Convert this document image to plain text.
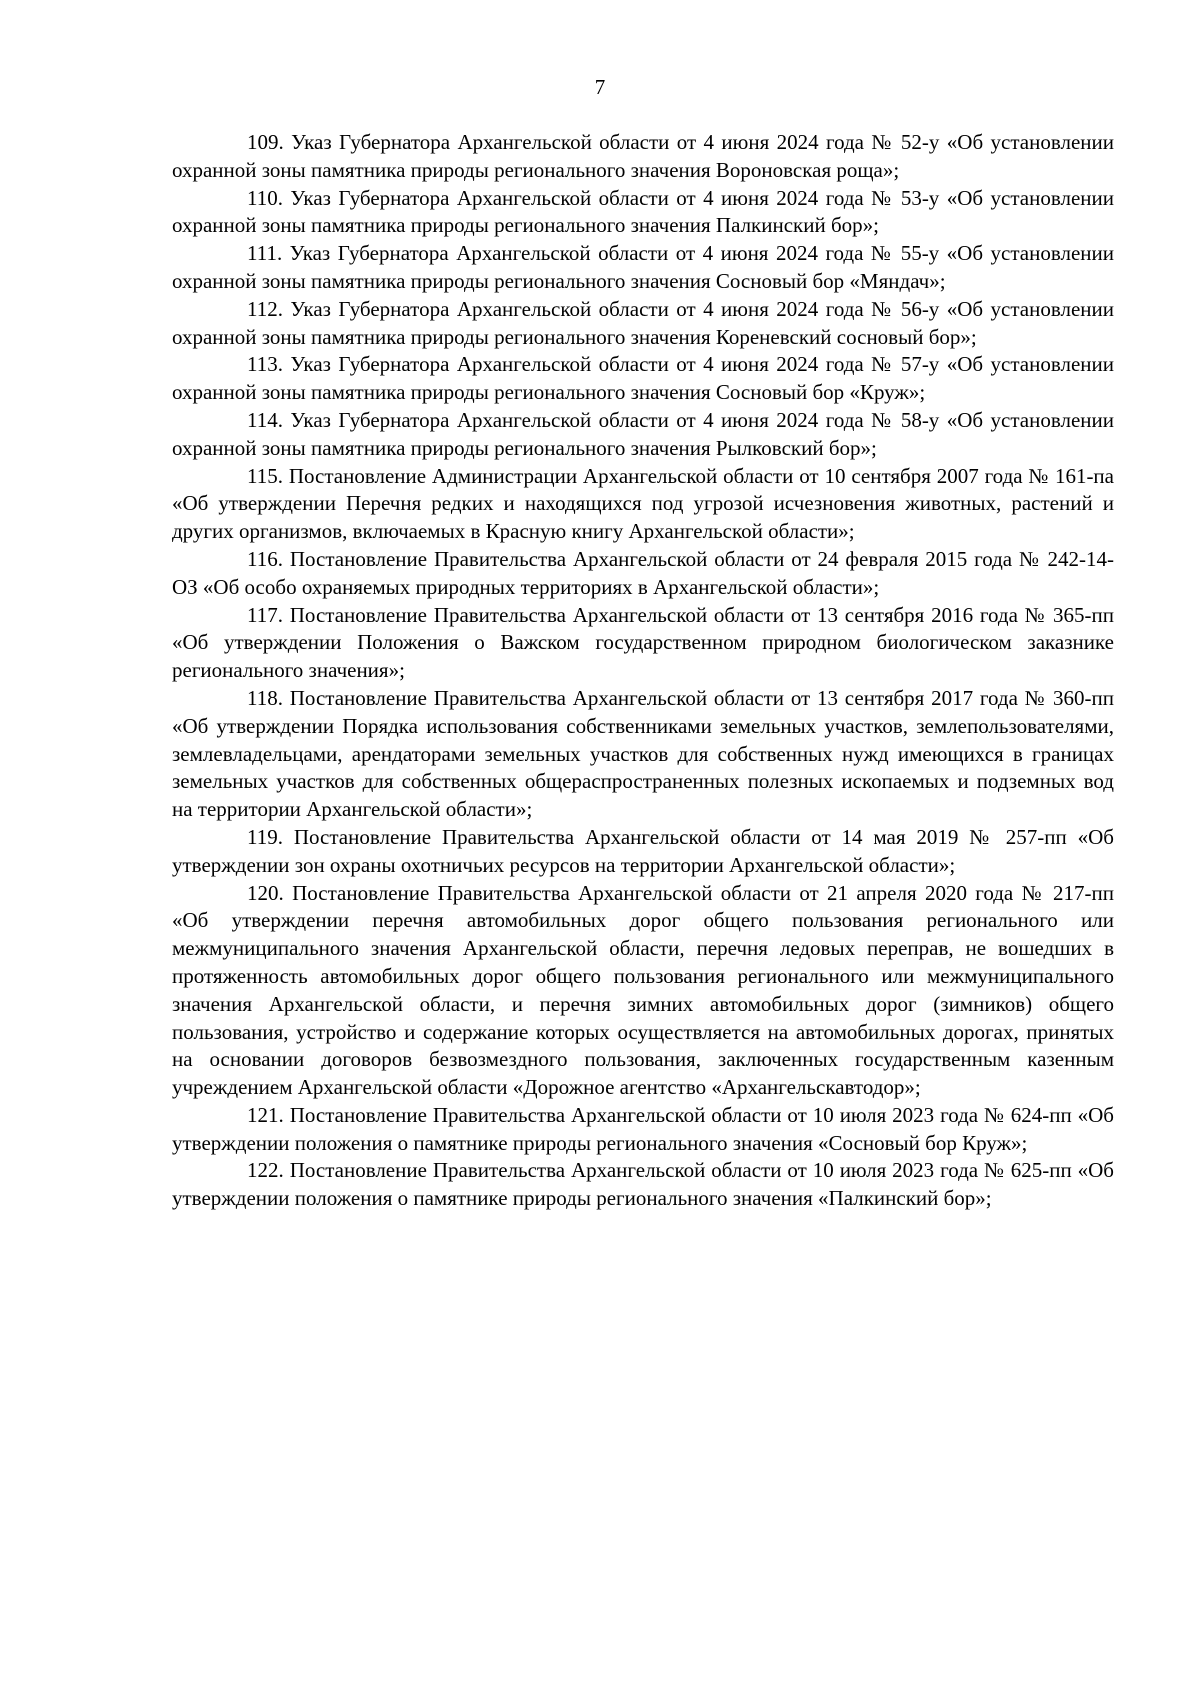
7

109. Указ Губернатора Архангельской области от 4 июня 2024 года № 52-у «Об установлении охранной зоны памятника природы регионального значения Вороновская роща»;

110. Указ Губернатора Архангельской области от 4 июня 2024 года № 53-у «Об установлении охранной зоны памятника природы регионального значения Палкинский бор»;

111. Указ Губернатора Архангельской области от 4 июня 2024 года № 55-у «Об установлении охранной зоны памятника природы регионального значения Сосновый бор «Мяндач»;

112. Указ Губернатора Архангельской области от 4 июня 2024 года № 56-у «Об установлении охранной зоны памятника природы регионального значения Кореневский сосновый бор»;

113. Указ Губернатора Архангельской области от 4 июня 2024 года № 57-у «Об установлении охранной зоны памятника природы регионального значения Сосновый бор «Круж»;

114. Указ Губернатора Архангельской области от 4 июня 2024 года № 58-у «Об установлении охранной зоны памятника природы регионального значения Рылковский бор»;

115. Постановление Администрации Архангельской области от 10 сентября 2007 года № 161-па «Об утверждении Перечня редких и находящихся под угрозой исчезновения животных, растений и других организмов, включаемых в Красную книгу Архангельской области»;

116. Постановление Правительства Архангельской области от 24 февраля 2015 года № 242-14-ОЗ «Об особо охраняемых природных территориях в Архангельской области»;

117. Постановление Правительства Архангельской области от 13 сентября 2016 года № 365-пп «Об утверждении Положения о Важском государственном природном биологическом заказнике регионального значения»;

118. Постановление Правительства Архангельской области от 13 сентября 2017 года № 360-пп «Об утверждении Порядка использования собственниками земельных участков, землепользователями, землевладельцами, арендаторами земельных участков для собственных нужд имеющихся в границах земельных участков для собственных общераспространенных полезных ископаемых и подземных вод на территории Архангельской области»;

119. Постановление Правительства Архангельской области от 14 мая 2019 № 257-пп «Об утверждении зон охраны охотничьих ресурсов на территории Архангельской области»;

120. Постановление Правительства Архангельской области от 21 апреля 2020 года № 217-пп «Об утверждении перечня автомобильных дорог общего пользования регионального или межмуниципального значения Архангельской области, перечня ледовых переправ, не вошедших в протяженность автомобильных дорог общего пользования регионального или межмуниципального значения Архангельской области, и перечня зимних автомобильных дорог (зимников) общего пользования, устройство и содержание которых осуществляется на автомобильных дорогах, принятых на основании договоров безвозмездного пользования, заключенных государственным казенным учреждением Архангельской области «Дорожное агентство «Архангельскавтодор»;

121. Постановление Правительства Архангельской области от 10 июля 2023 года № 624-пп «Об утверждении положения о памятнике природы регионального значения «Сосновый бор Круж»;

122. Постановление Правительства Архангельской области от 10 июля 2023 года № 625-пп «Об утверждении положения о памятнике природы регионального значения «Палкинский бор»;
